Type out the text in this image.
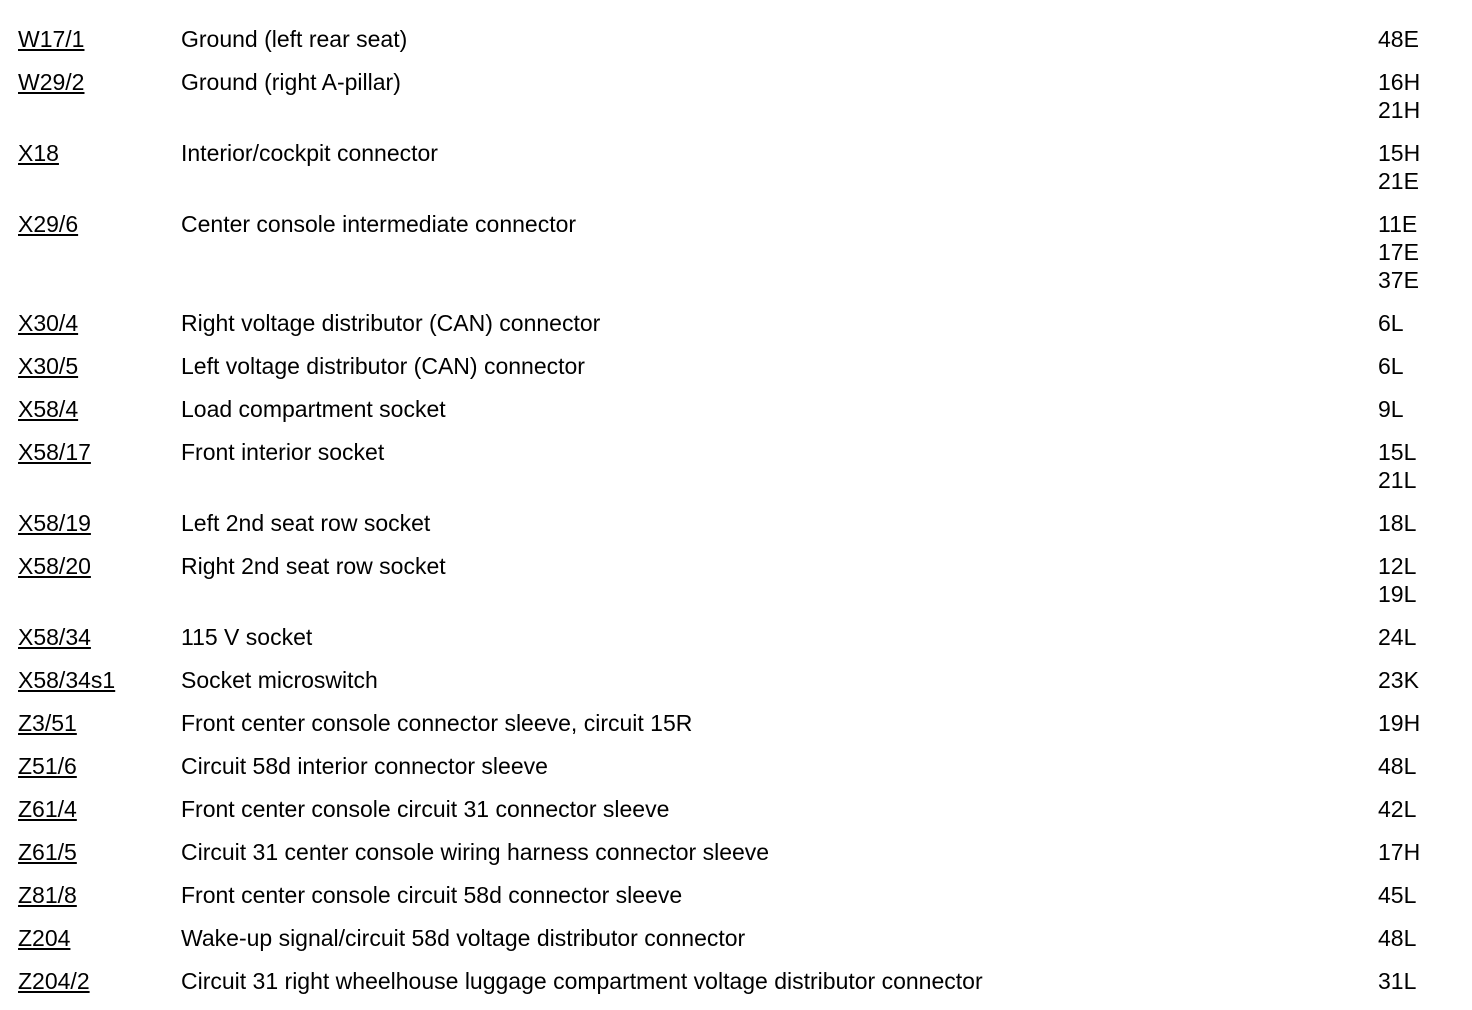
W17/1	Ground (left rear seat)	48E
W29/2	Ground (right A-pillar)	16H
21H
X18	Interior/cockpit connector	15H
21E
X29/6	Center console intermediate connector	11E
17E
37E
X30/4	Right voltage distributor (CAN) connector	6L
X30/5	Left voltage distributor (CAN) connector	6L
X58/4	Load compartment socket	9L
X58/17	Front interior socket	15L
21L
X58/19	Left 2nd seat row socket	18L
X58/20	Right 2nd seat row socket	12L
19L
X58/34	115 V socket	24L
X58/34s1	Socket microswitch	23K
Z3/51	Front center console connector sleeve, circuit 15R	19H
Z51/6	Circuit 58d interior connector sleeve	48L
Z61/4	Front center console circuit 31 connector sleeve	42L
Z61/5	Circuit 31 center console wiring harness connector sleeve	17H
Z81/8	Front center console circuit 58d connector sleeve	45L
Z204	Wake-up signal/circuit 58d voltage distributor connector	48L
Z204/2	Circuit 31 right wheelhouse luggage compartment voltage distributor connector	31L
